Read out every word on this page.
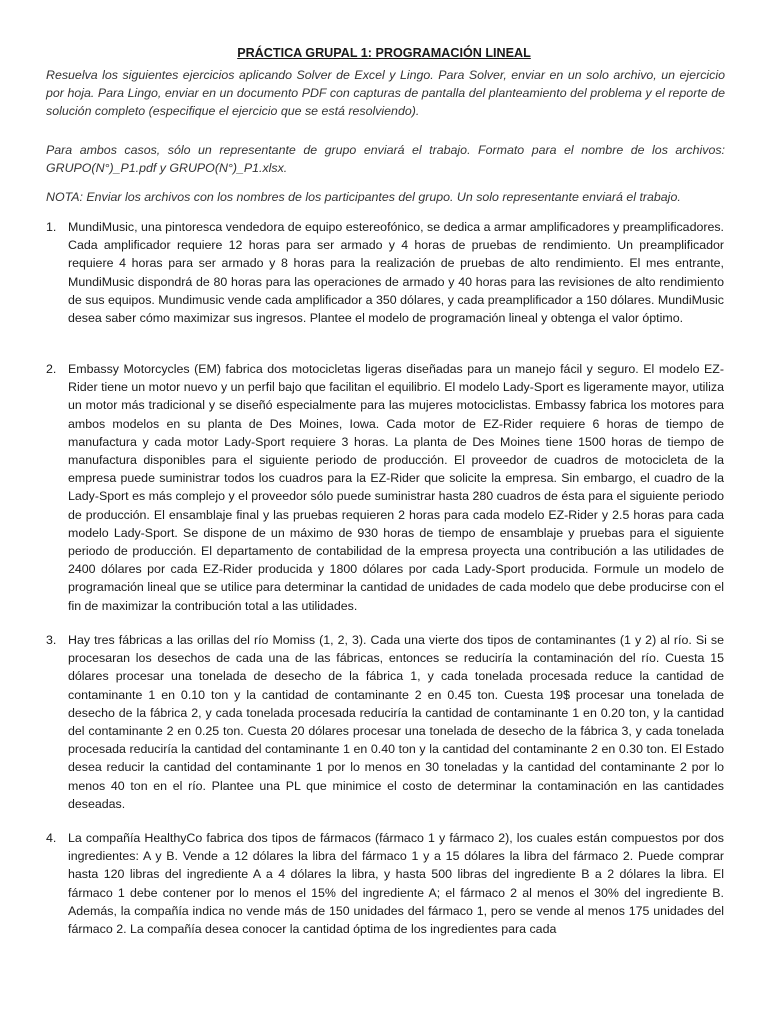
PRÁCTICA GRUPAL 1: PROGRAMACIÓN LINEAL

Resuelva los siguientes ejercicios aplicando Solver de Excel y Lingo. Para Solver, enviar en un solo archivo, un ejercicio por hoja. Para Lingo, enviar en un documento PDF con capturas de pantalla del planteamiento del problema y el reporte de solución completo (especifique el ejercicio que se está resolviendo).

Para ambos casos, sólo un representante de grupo enviará el trabajo. Formato para el nombre de los archivos: GRUPO(N°)_P1.pdf y GRUPO(N°)_P1.xlsx.

NOTA: Enviar los archivos con los nombres de los participantes del grupo. Un solo representante enviará el trabajo.

1. MundiMusic, una pintoresca vendedora de equipo estereofónico, se dedica a armar amplificadores y preamplificadores. Cada amplificador requiere 12 horas para ser armado y 4 horas de pruebas de rendimiento. Un preamplificador requiere 4 horas para ser armado y 8 horas para la realización de pruebas de alto rendimiento. El mes entrante, MundiMusic dispondrá de 80 horas para las operaciones de armado y 40 horas para las revisiones de alto rendimiento de sus equipos. Mundimusic vende cada amplificador a 350 dólares, y cada preamplificador a 150 dólares. MundiMusic desea saber cómo maximizar sus ingresos. Plantee el modelo de programación lineal y obtenga el valor óptimo.

2. Embassy Motorcycles (EM) fabrica dos motocicletas ligeras diseñadas para un manejo fácil y seguro. El modelo EZ-Rider tiene un motor nuevo y un perfil bajo que facilitan el equilibrio. El modelo Lady-Sport es ligeramente mayor, utiliza un motor más tradicional y se diseñó especialmente para las mujeres motociclistas. Embassy fabrica los motores para ambos modelos en su planta de Des Moines, Iowa. Cada motor de EZ-Rider requiere 6 horas de tiempo de manufactura y cada motor Lady-Sport requiere 3 horas. La planta de Des Moines tiene 1500 horas de tiempo de manufactura disponibles para el siguiente periodo de producción. El proveedor de cuadros de motocicleta de la empresa puede suministrar todos los cuadros para la EZ-Rider que solicite la empresa. Sin embargo, el cuadro de la Lady-Sport es más complejo y el proveedor sólo puede suministrar hasta 280 cuadros de ésta para el siguiente periodo de producción. El ensamblaje final y las pruebas requieren 2 horas para cada modelo EZ-Rider y 2.5 horas para cada modelo Lady-Sport. Se dispone de un máximo de 930 horas de tiempo de ensamblaje y pruebas para el siguiente periodo de producción. El departamento de contabilidad de la empresa proyecta una contribución a las utilidades de 2400 dólares por cada EZ-Rider producida y 1800 dólares por cada Lady-Sport producida. Formule un modelo de programación lineal que se utilice para determinar la cantidad de unidades de cada modelo que debe producirse con el fin de maximizar la contribución total a las utilidades.

3. Hay tres fábricas a las orillas del río Momiss (1, 2, 3). Cada una vierte dos tipos de contaminantes (1 y 2) al río. Si se procesaran los desechos de cada una de las fábricas, entonces se reduciría la contaminación del río. Cuesta 15 dólares procesar una tonelada de desecho de la fábrica 1, y cada tonelada procesada reduce la cantidad de contaminante 1 en 0.10 ton y la cantidad de contaminante 2 en 0.45 ton. Cuesta 19$ procesar una tonelada de desecho de la fábrica 2, y cada tonelada procesada reduciría la cantidad de contaminante 1 en 0.20 ton, y la cantidad del contaminante 2 en 0.25 ton. Cuesta 20 dólares procesar una tonelada de desecho de la fábrica 3, y cada tonelada procesada reduciría la cantidad del contaminante 1 en 0.40 ton y la cantidad del contaminante 2 en 0.30 ton. El Estado desea reducir la cantidad del contaminante 1 por lo menos en 30 toneladas y la cantidad del contaminante 2 por lo menos 40 ton en el río. Plantee una PL que minimice el costo de determinar la contaminación en las cantidades deseadas.

4. La compañía HealthyCo fabrica dos tipos de fármacos (fármaco 1 y fármaco 2), los cuales están compuestos por dos ingredientes: A y B. Vende a 12 dólares la libra del fármaco 1 y a 15 dólares la libra del fármaco 2. Puede comprar hasta 120 libras del ingrediente A a 4 dólares la libra, y hasta 500 libras del ingrediente B a 2 dólares la libra. El fármaco 1 debe contener por lo menos el 15% del ingrediente A; el fármaco 2 al menos el 30% del ingrediente B. Además, la compañía indica no vende más de 150 unidades del fármaco 1, pero se vende al menos 175 unidades del fármaco 2. La compañía desea conocer la cantidad óptima de los ingredientes para cada
